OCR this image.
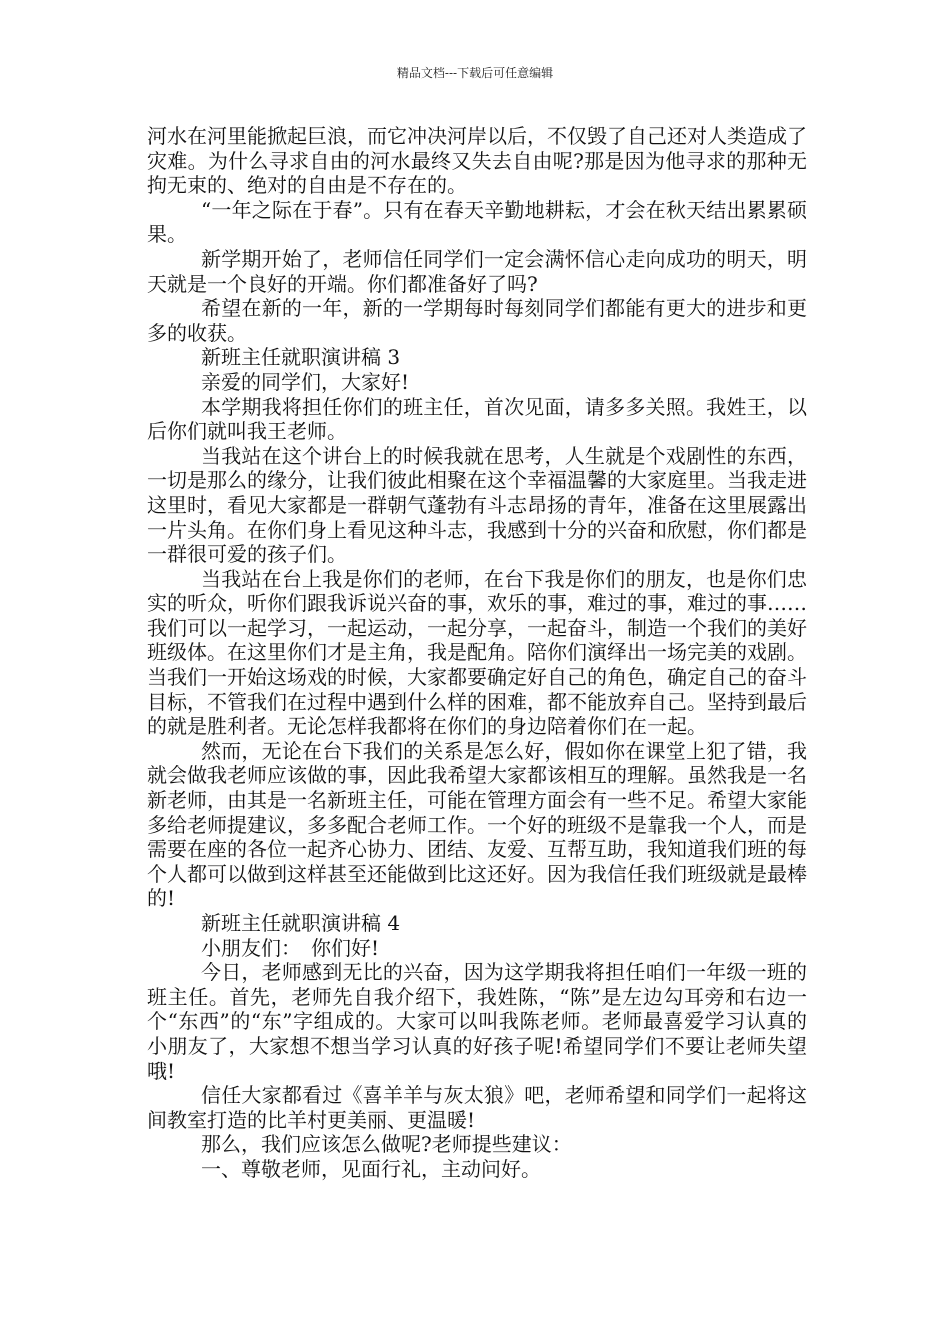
精品文档---下载后可任意编辑

河水在河里能掀起巨浪，而它冲决河岸以后，不仅毁了自己还对人类造成了灾难。为什么寻求自由的河水最终又失去自由呢?那是因为他寻求的那种无拘无束的、绝对的自由是不存在的。

“一年之际在于春”。只有在春天辛勤地耕耘，才会在秋天结出累累硕果。

新学期开始了，老师信任同学们一定会满怀信心走向成功的明天，明天就是一个良好的开端。你们都准备好了吗?

希望在新的一年，新的一学期每时每刻同学们都能有更大的进步和更多的收获。

新班主任就职演讲稿 3

亲爱的同学们，大家好!

本学期我将担任你们的班主任，首次见面，请多多关照。我姓王，以后你们就叫我王老师。

当我站在这个讲台上的时候我就在思考，人生就是个戏剧性的东西，一切是那么的缘分，让我们彼此相聚在这个幸福温馨的大家庭里。当我走进这里时，看见大家都是一群朝气蓬勃有斗志昂扬的青年，准备在这里展露出一片头角。在你们身上看见这种斗志，我感到十分的兴奋和欣慰，你们都是一群很可爱的孩子们。

当我站在台上我是你们的老师，在台下我是你们的朋友，也是你们忠实的听众，听你们跟我诉说兴奋的事，欢乐的事，难过的事，难过的事……我们可以一起学习，一起运动，一起分享，一起奋斗，制造一个我们的美好班级体。在这里你们才是主角，我是配角。陪你们演绎出一场完美的戏剧。当我们一开始这场戏的时候，大家都要确定好自己的角色，确定自己的奋斗目标，不管我们在过程中遇到什么样的困难，都不能放弃自己。坚持到最后的就是胜利者。无论怎样我都将在你们的身边陪着你们在一起。

然而，无论在台下我们的关系是怎么好，假如你在课堂上犯了错，我就会做我老师应该做的事，因此我希望大家都该相互的理解。虽然我是一名新老师，由其是一名新班主任，可能在管理方面会有一些不足。希望大家能多给老师提建议，多多配合老师工作。一个好的班级不是靠我一个人，而是需要在座的各位一起齐心协力、团结、友爱、互帮互助，我知道我们班的每个人都可以做到这样甚至还能做到比这还好。因为我信任我们班级就是最棒的!

新班主任就职演讲稿 4

小朋友们：　你们好!

今日，老师感到无比的兴奋，因为这学期我将担任咱们一年级一班的班主任。首先，老师先自我介绍下，我姓陈，“陈”是左边勾耳旁和右边一个“东西”的“东”字组成的。大家可以叫我陈老师。老师最喜爱学习认真的小朋友了，大家想不想当学习认真的好孩子呢!希望同学们不要让老师失望哦!

信任大家都看过《喜羊羊与灰太狼》吧，老师希望和同学们一起将这间教室打造的比羊村更美丽、更温暖!

那么，我们应该怎么做呢?老师提些建议：

一、尊敬老师，见面行礼，主动问好。
